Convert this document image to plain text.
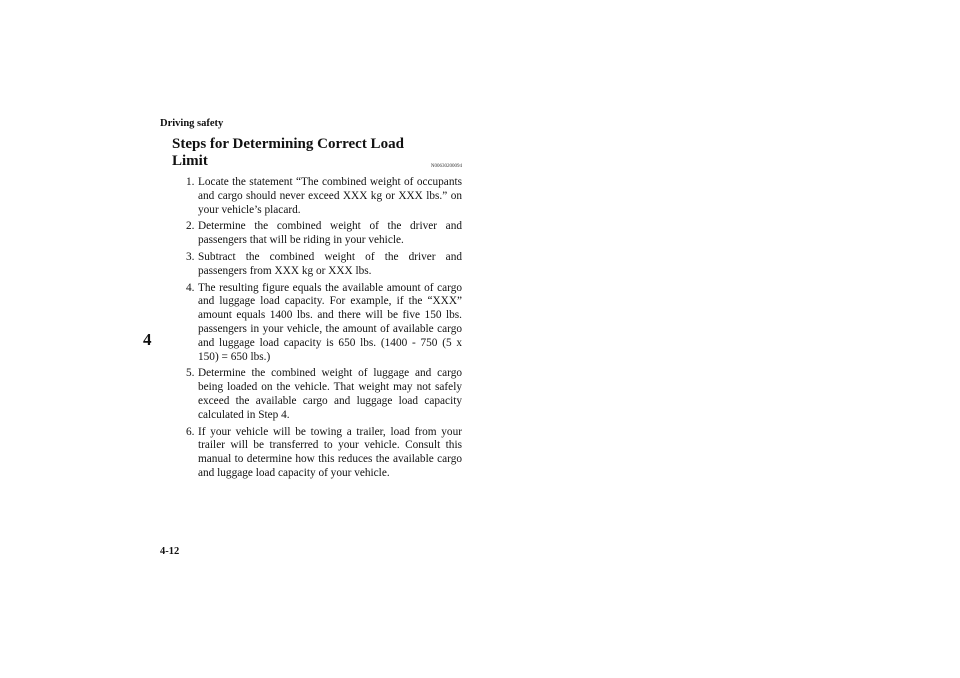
Driving safety
4
Steps for Determining Correct Load Limit	N00630200094
1. Locate the statement “The combined weight of occupants and cargo should never exceed XXX kg or XXX lbs.” on your vehicle’s placard.
2. Determine the combined weight of the driver and passengers that will be riding in your vehicle.
3. Subtract the combined weight of the driver and passengers from XXX kg or XXX lbs.
4. The resulting figure equals the available amount of cargo and luggage load capacity. For example, if the “XXX” amount equals 1400 lbs. and there will be five 150 lbs. passengers in your vehicle, the amount of available cargo and luggage load capacity is 650 lbs. (1400 - 750 (5 x 150) = 650 lbs.)
5. Determine the combined weight of luggage and cargo being loaded on the vehicle. That weight may not safely exceed the available cargo and luggage load capacity calculated in Step 4.
6. If your vehicle will be towing a trailer, load from your trailer will be transferred to your vehicle. Consult this manual to determine how this reduces the available cargo and luggage load capacity of your vehicle.
4-12
